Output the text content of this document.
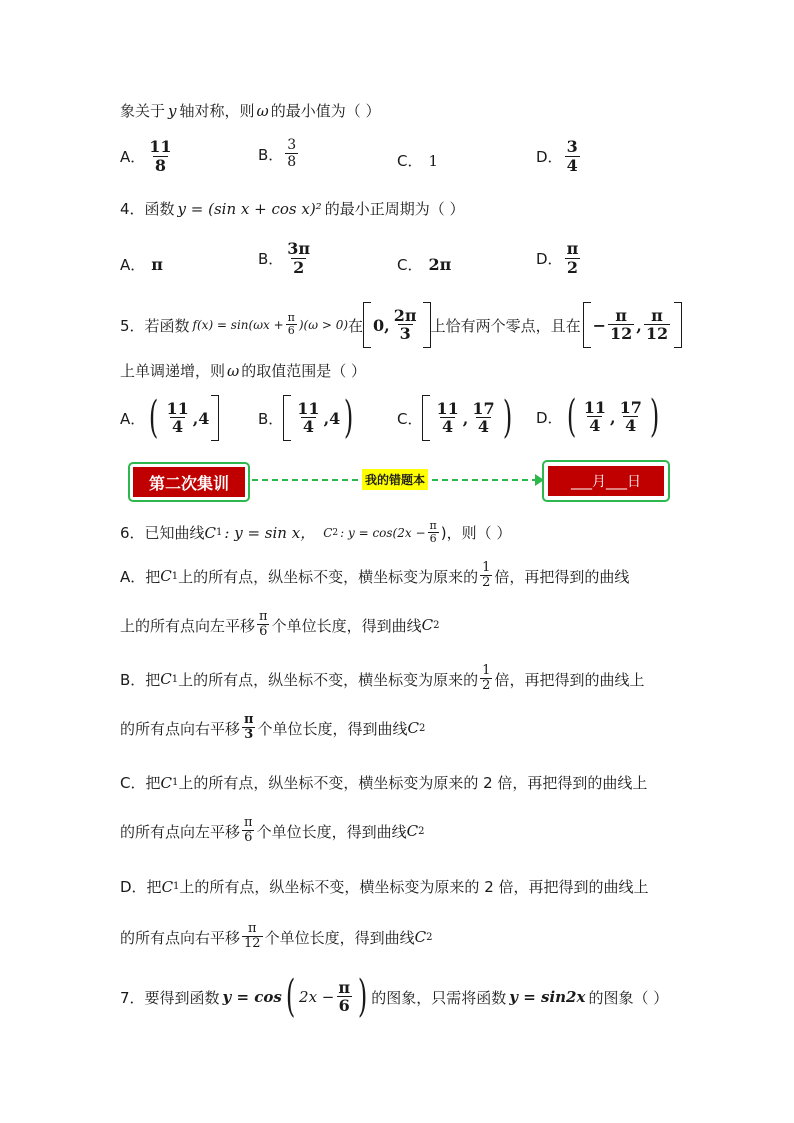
象关于 y 轴对称，则 ω 的最小值为（ ）
A． $\frac{11}{8}$	B． $\frac{3}{8}$	C． 1	D． $\frac{3}{4}$
4．函数 y = (sin x + cos x)² 的最小正周期为（ ）
A． π	B． $\frac{3\pi}{2}$	C． 2π	D． $\frac{\pi}{2}$
5．若函数 $f(x) = \sin(\omega x + \frac{\pi}{6} )(\omega > 0)$ 在 0, $\frac{2\pi}{3}$ 上恰有两个零点，且在 − $\frac{\pi}{12}$ , $\frac{\pi}{12}$
上单调递增，则 ω 的取值范围是（ ）
A． ( $\frac{11}{4}$ , 4	B． $\frac{11}{4}$ , 4 )	C． $\frac{11}{4}$ , $\frac{17}{4}$ ) D． ( $\frac{11}{4}$ , $\frac{17}{4}$ )
第二次集训	我的错题本	___月___日
6．已知曲线 C 1 : y = sin x， C 2 : $y = \cos(2x - \frac{\pi}{6}$ )，则（ ）
A．把 C 1 上的所有点，纵坐标不变，横坐标变为原来的 $\frac{1}{2}$ 倍，再把得到的曲线
上的所有点向左平移 $\frac{\pi}{6}$ 个单位长度，得到曲线 C 2
B．把 C 1 上的所有点，纵坐标不变，横坐标变为原来的 $\frac{1}{2}$ 倍，再把得到的曲线上
的所有点向右平移 $\frac{\pi}{3}$ 个单位长度，得到曲线 C 2
C．把 C 1 上的所有点，纵坐标不变，横坐标变为原来的 2 倍，再把得到的曲线上
的所有点向左平移 $\frac{\pi}{6}$ 个单位长度，得到曲线 C 2
D．把 C 1 上的所有点，纵坐标不变，横坐标变为原来的 2 倍，再把得到的曲线上
的所有点向右平移 $\frac{\pi}{12}$ 个单位长度，得到曲线 C 2
7．要得到函数 y = cos ( $2x - \frac{\pi}{6}$ ) 的图象，只需将函数 y = sin2x 的图象（ ）
